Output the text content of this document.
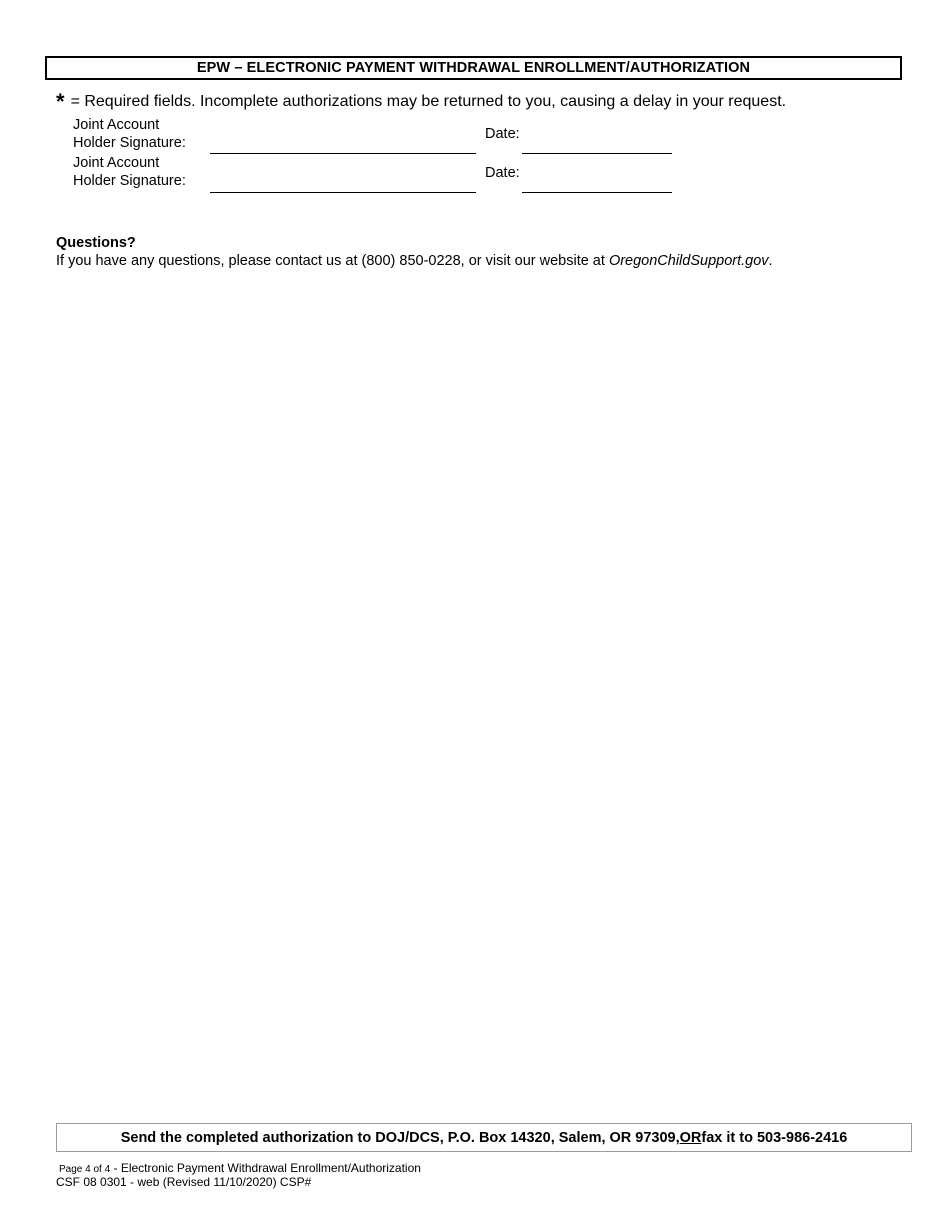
EPW – ELECTRONIC PAYMENT WITHDRAWAL ENROLLMENT/AUTHORIZATION
* = Required fields. Incomplete authorizations may be returned to you, causing a delay in your request.
Joint Account
Holder Signature:
Date:
Joint Account
Holder Signature:	Date:
Questions?
If you have any questions, please contact us at (800) 850-0228, or visit our website at OregonChildSupport.gov.
Send the completed authorization to DOJ/DCS, P.O. Box 14320, Salem, OR 97309, OR fax it to 503-986-2416
Page 4 of 4 - Electronic Payment Withdrawal Enrollment/Authorization
CSF 08 0301 - web (Revised 11/10/2020) CSP#
